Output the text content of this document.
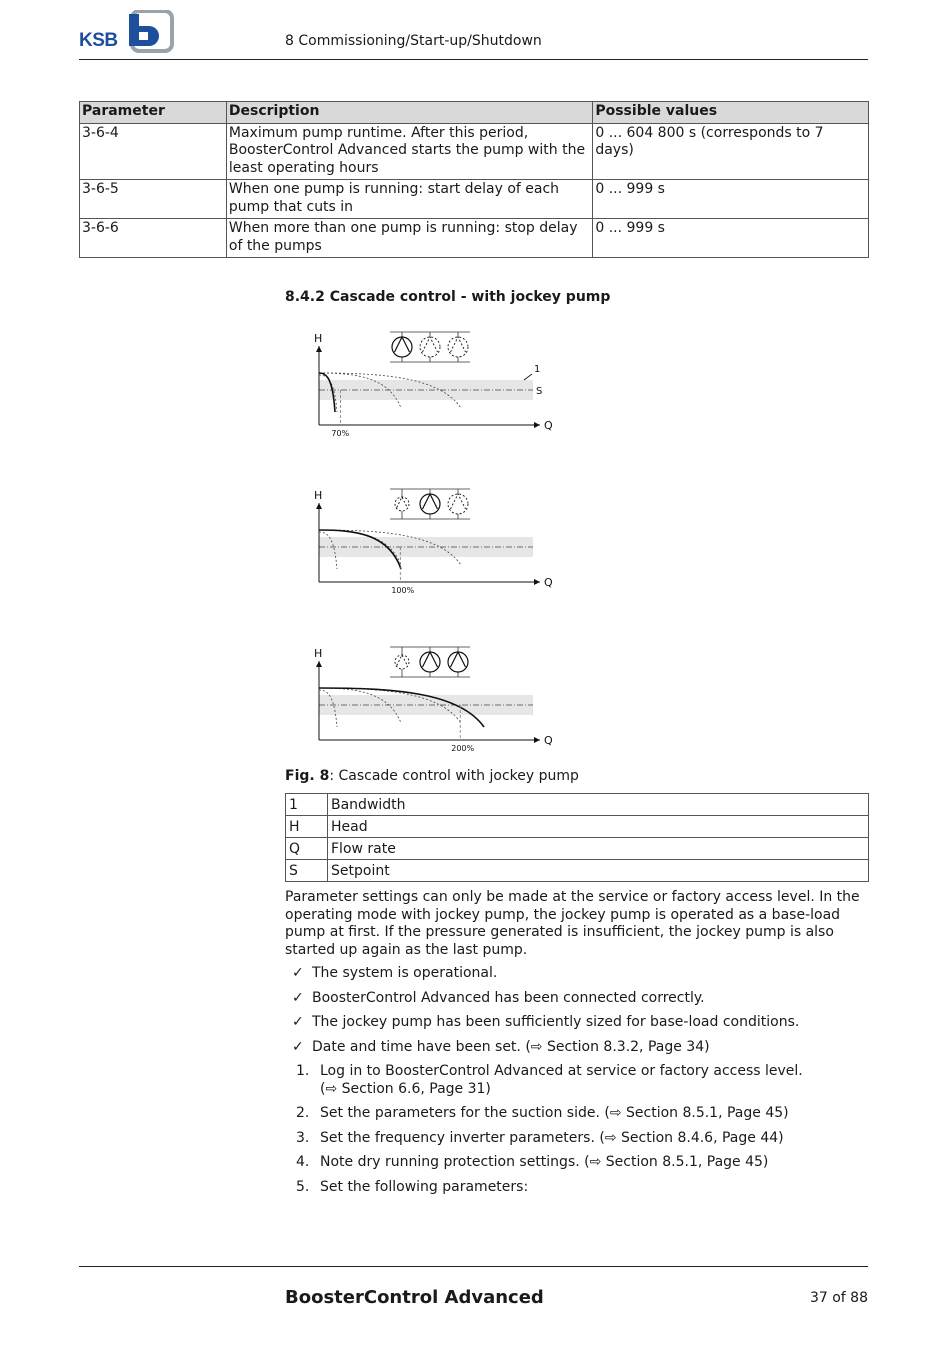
KSB	8 Commissioning/Start-up/Shutdown
Parameter	Description	Possible values
3-6-4	Maximum pump runtime. After this period, BoosterControl Advanced starts the pump with the least operating hours	0 ... 604 800 s (corresponds to 7 days)
3-6-5	When one pump is running: start delay of each pump that cuts in	0 ... 999 s
3-6-6	When more than one pump is running: stop delay of the pumps	0 ... 999 s
8.4.2 Cascade control - with jockey pump
H
Q
70%
1
S
H
Q
100%
H
Q
200%
Fig. 8: Cascade control with jockey pump
1	Bandwidth
H	Head
Q	Flow rate
S	Setpoint
Parameter settings can only be made at the service or factory access level. In the operating mode with jockey pump, the jockey pump is operated as a base-load pump at first. If the pressure generated is insufficient, the jockey pump is also started up again as the last pump.
✓ The system is operational.
✓ BoosterControl Advanced has been connected correctly.
✓ The jockey pump has been sufficiently sized for base-load conditions.
✓ Date and time have been set. (⇨ Section 8.3.2, Page 34)
1. Log in to BoosterControl Advanced at service or factory access level.
(⇨ Section 6.6, Page 31)
2. Set the parameters for the suction side. (⇨ Section 8.5.1, Page 45)
3. Set the frequency inverter parameters. (⇨ Section 8.4.6, Page 44)
4. Note dry running protection settings. (⇨ Section 8.5.1, Page 45)
5. Set the following parameters:
BoosterControl Advanced	37 of 88
